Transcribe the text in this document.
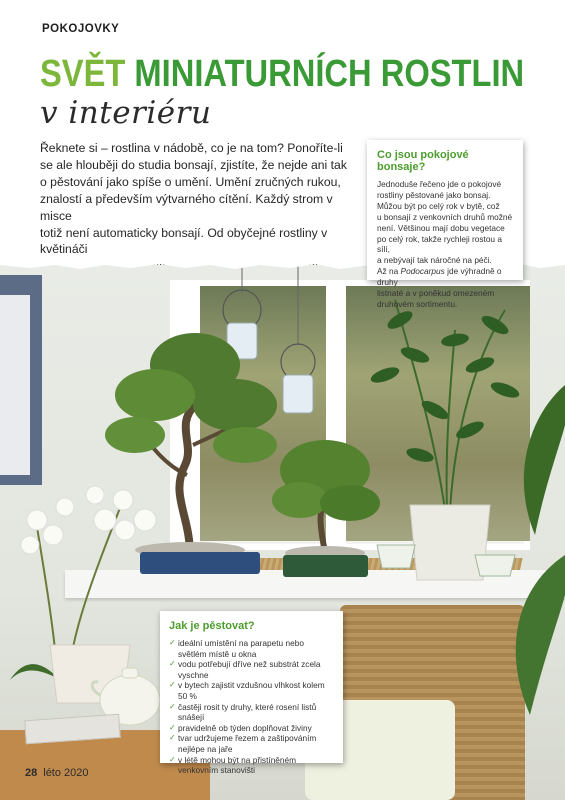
POKOJOVKY
SVĚT MINIATURNÍCH ROSTLIN
v interiéru
Řeknete si – rostlina v nádobě, co je na tom? Ponoříte-li
se ale hlouběji do studia bonsají, zjistíte, že nejde ani tak
o pěstování jako spíše o umění. Umění zručných rukou,
znalostí a především výtvarného cítění. Každý strom v misce
totiž není automaticky bonsají. Od obyčejné rostliny v květináči
Co jsou pokojové bonsaje?
Jednoduše řečeno jde o pokojové
rostliny pěstované jako bonsaj.
Můžou být po celý rok v bytě, což
u bonsají z venkovních druhů možné
není. Většinou mají dobu vegetace
po celý rok, takže rychleji rostou a sílí,
a nebývají tak náročné na péči.
Až na Podocarpus jde výhradně o druhy
listnaté a v poněkud omezeném
druhovém sortimentu.
Jak je pěstovat?
✓ ideální umístění na parapetu nebo světlém místě u okna
✓ vodu potřebují dříve než substrát zcela vyschne
✓ v bytech zajistit vzdušnou vlhkost kolem 50 %
✓ častěji rosit ty druhy, které rosení listů snášejí
✓ pravidelně ob týden doplňovat živiny
✓ tvar udržujeme řezem a zaštipováním nejlépe na jaře
✓ v létě mohou být na přistíněném venkovním stanovišti
28 léto 2020
